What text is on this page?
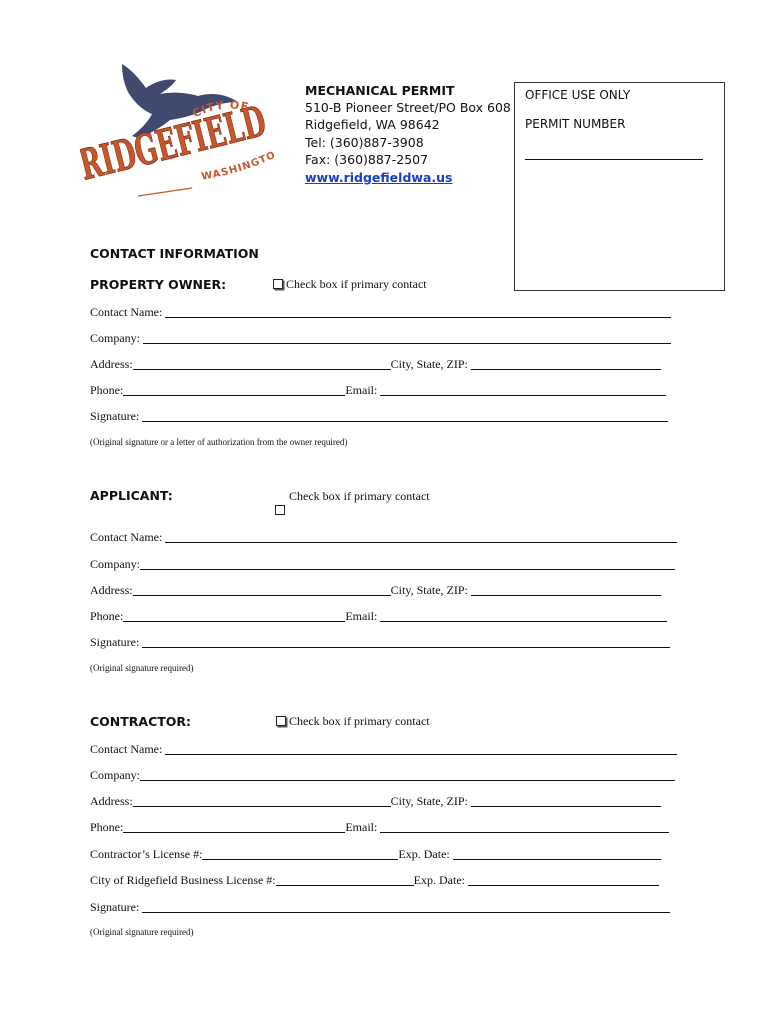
CITY OF
RIDGEFIELD
WASHINGT
MECHANICAL PERMIT
510-B Pioneer Street/PO Box 608
Ridgefield, WA 98642
Tel: (360)887-3908
Fax: (360)887-2507
www.ridgefieldwa.us
OFFICE USE ONLY
PERMIT NUMBER
CONTACT INFORMATION
PROPERTY OWNER:	Check box if primary contact
Contact Name:

Company:

Address:	City, State, ZIP:

Phone:	Email:

Signature:

(Original signature or a letter of authorization from the owner required)
APPLICANT:	Check box if primary contact
Contact Name:

Company:
Address:	City, State, ZIP:

Phone:	Email:

Signature:

(Original signature required)
CONTRACTOR:	Check box if primary contact
Contact Name:

Company:
Address:	City, State, ZIP:

Phone:	Email:

Contractor’s License #:	Exp. Date:

City of Ridgefield Business License #:	Exp. Date:

Signature:

(Original signature required)
